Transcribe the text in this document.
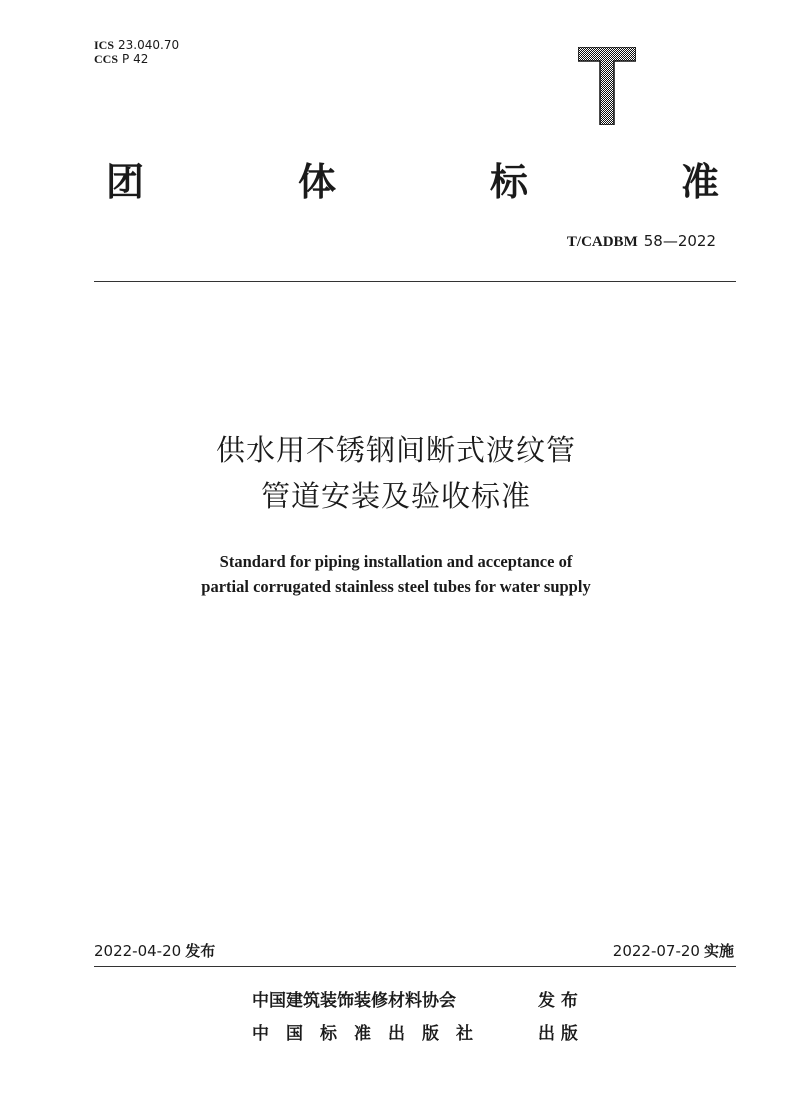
ICS 23.040.70
CCS P 42
T
团	体	标	准
T/CADBM 58—2022
供水用不锈钢间断式波纹管
管道安装及验收标准
Standard for piping installation and acceptance of
partial corrugated stainless steel tubes for water supply
2022-04-20 发布	2022-07-20 实施
中国建筑装饰装修材料协会	发 布
中　国　标　准　出　版　社	出 版
